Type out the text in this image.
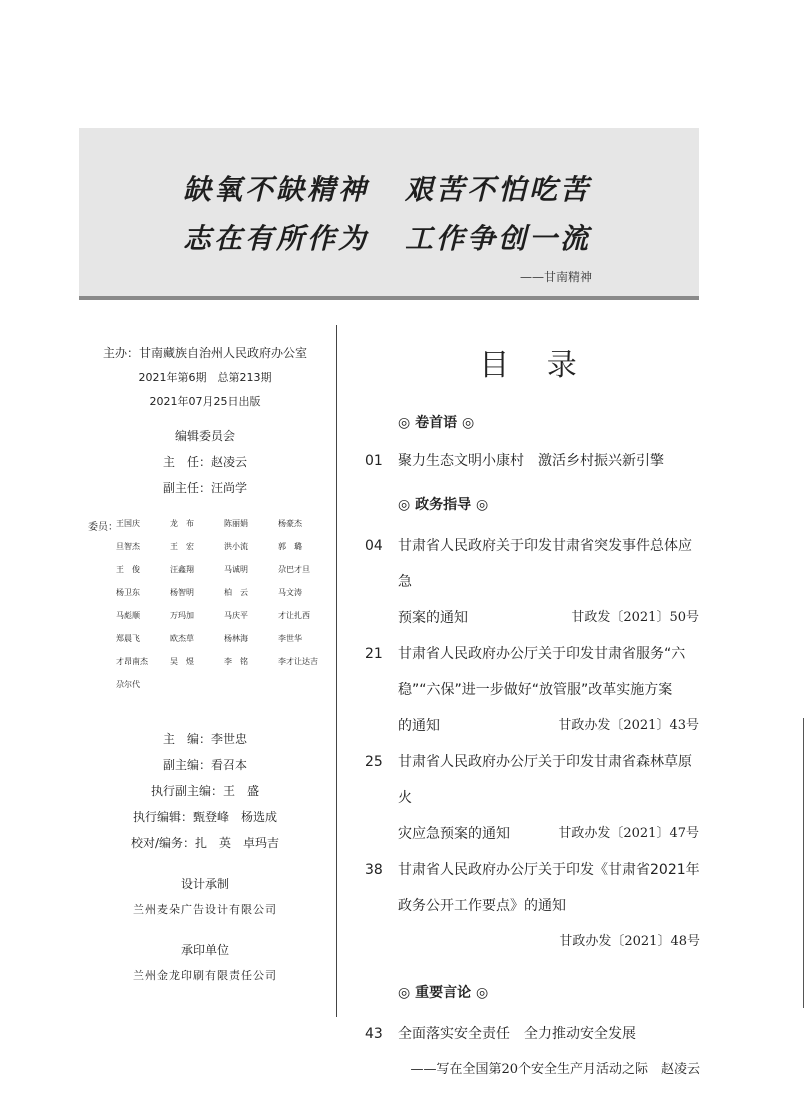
缺氧不缺精神 艰苦不怕吃苦
志在有所作为 工作争创一流
——甘南精神
主办：甘南藏族自治州人民政府办公室
2021年第6期　总第213期
2021年07月25日出版
编辑委员会
主　任：赵凌云
副主任：汪尚学
委员：
王国庆	龙　布	陈丽娟	杨豪杰
旦智杰	王　宏	洪小流	郭　璐
王　俊	汪鑫翔	马诚明	尕巴才旦
杨卫东	杨智明	柏　云	马文涛
马彪顺	万玛加	马庆平	才让扎西
郑晨飞	欧杰草	杨林海	李世华
才昂南杰	吴　煜	李　铭	李才让达吉
尕尔代
主　编：李世忠
副主编：看召本
执行副主编：王　盛
执行编辑：甄登峰　杨选成
校对/编务：扎　英　卓玛吉
设计承制
兰州麦朵广告设计有限公司
承印单位
兰州金龙印刷有限责任公司
目 录
◎ 卷首语 ◎
01	聚力生态文明小康村　激活乡村振兴新引擎
◎ 政务指导 ◎
04	甘肃省人民政府关于印发甘肃省突发事件总体应急
预案的通知	甘政发〔2021〕50号
21	甘肃省人民政府办公厅关于印发甘肃省服务“六
稳”“六保”进一步做好“放管服”改革实施方案
的通知	甘政办发〔2021〕43号
25	甘肃省人民政府办公厅关于印发甘肃省森林草原火
灾应急预案的通知	甘政办发〔2021〕47号
38	甘肃省人民政府办公厅关于印发《甘肃省2021年
政务公开工作要点》的通知
甘政办发〔2021〕48号
◎ 重要言论 ◎
43	全面落实安全责任　全力推动安全发展
——写在全国第20个安全生产月活动之际　赵凌云
